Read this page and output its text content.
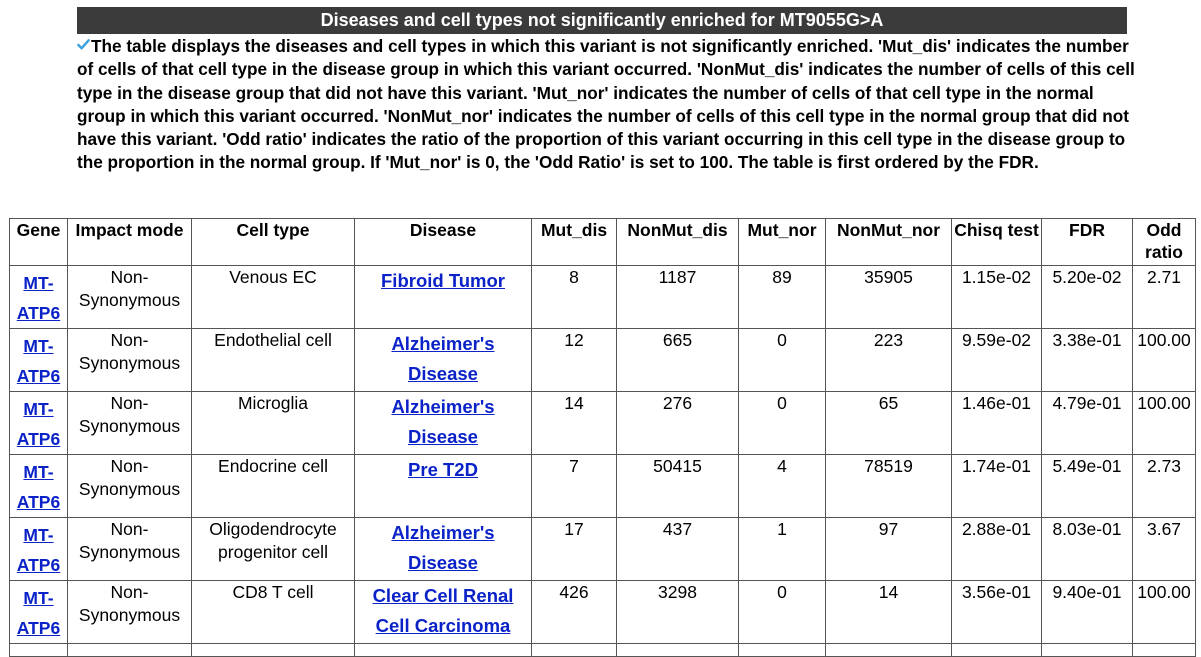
Diseases and cell types not significantly enriched for MT9055G>A

The table displays the diseases and cell types in which this variant is not significantly enriched. 'Mut_dis' indicates the number of cells of that cell type in the disease group in which this variant occurred. 'NonMut_dis' indicates the number of cells of this cell type in the disease group that did not have this variant. 'Mut_nor' indicates the number of cells of that cell type in the normal group in which this variant occurred. 'NonMut_nor' indicates the number of cells of this cell type in the normal group that did not have this variant. 'Odd ratio' indicates the ratio of the proportion of this variant occurring in this cell type in the disease group to the proportion in the normal group. If 'Mut_nor' is 0, the 'Odd Ratio' is set to 100. The table is first ordered by the FDR.

Gene	Impact mode	Cell type	Disease	Mut_dis	NonMut_dis	Mut_nor	NonMut_nor	Chisq test	FDR	Odd ratio
MT-ATP6	Non-Synonymous	Venous EC	Fibroid Tumor	8	1187	89	35905	1.15e-02	5.20e-02	2.71
MT-ATP6	Non-Synonymous	Endothelial cell	Alzheimer's Disease	12	665	0	223	9.59e-02	3.38e-01	100.00
MT-ATP6	Non-Synonymous	Microglia	Alzheimer's Disease	14	276	0	65	1.46e-01	4.79e-01	100.00
MT-ATP6	Non-Synonymous	Endocrine cell	Pre T2D	7	50415	4	78519	1.74e-01	5.49e-01	2.73
MT-ATP6	Non-Synonymous	Oligodendrocyte progenitor cell	Alzheimer's Disease	17	437	1	97	2.88e-01	8.03e-01	3.67
MT-ATP6	Non-Synonymous	CD8 T cell	Clear Cell Renal Cell Carcinoma	426	3298	0	14	3.56e-01	9.40e-01	100.00
